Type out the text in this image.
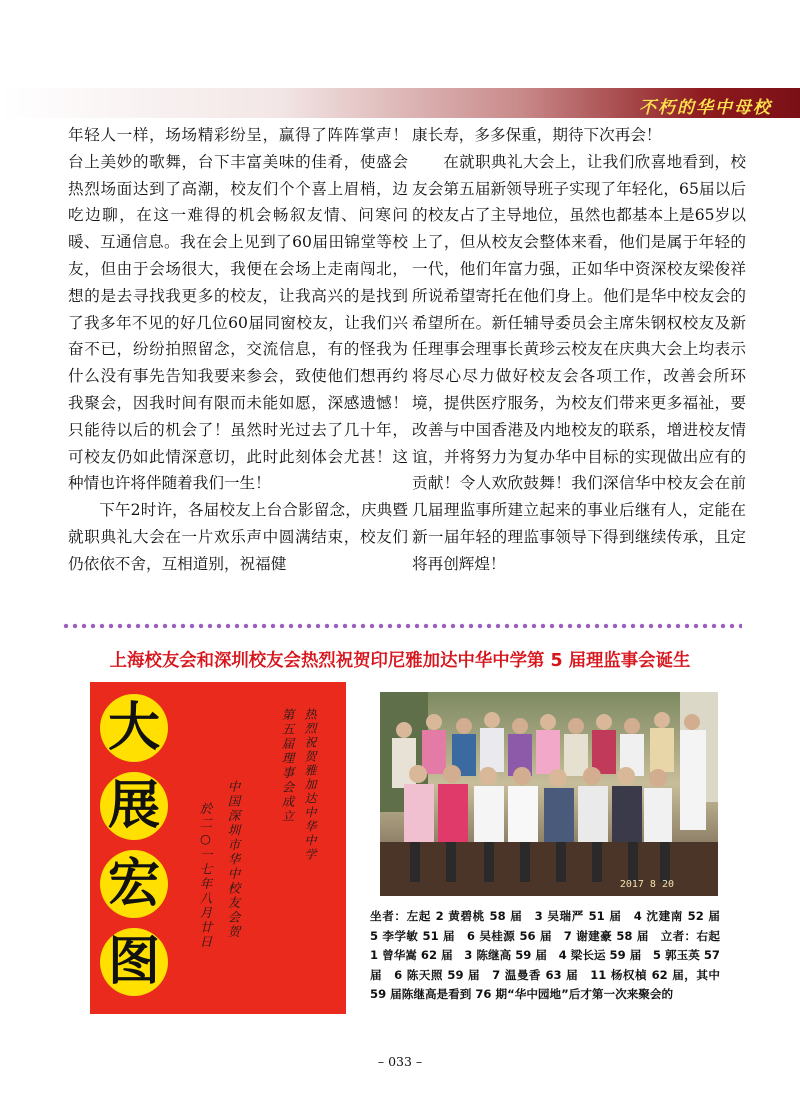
不朽的华中母校

年轻人一样，场场精彩纷呈，赢得了阵阵掌声！台上美妙的歌舞，台下丰富美味的佳肴，使盛会热烈场面达到了高潮，校友们个个喜上眉梢，边吃边聊，在这一难得的机会畅叙友情、问寒问暖、互通信息。我在会上见到了60届田锦堂等校友，但由于会场很大，我便在会场上走南闯北，想的是去寻找我更多的校友，让我高兴的是找到了我多年不见的好几位60届同窗校友，让我们兴奋不已，纷纷拍照留念，交流信息，有的怪我为什么没有事先告知我要来参会，致使他们想再约我聚会，因我时间有限而未能如愿，深感遗憾！只能待以后的机会了！虽然时光过去了几十年，可校友仍如此情深意切，此时此刻体会尤甚！这种情也许将伴随着我们一生！

下午2时许，各届校友上台合影留念，庆典暨就职典礼大会在一片欢乐声中圆满结束，校友们仍依依不舍，互相道别，祝福健

康长寿，多多保重，期待下次再会！

在就职典礼大会上，让我们欣喜地看到，校友会第五届新领导班子实现了年轻化，65届以后的校友占了主导地位，虽然也都基本上是65岁以上了，但从校友会整体来看，他们是属于年轻的一代，他们年富力强，正如华中资深校友梁俊祥所说希望寄托在他们身上。他们是华中校友会的希望所在。新任辅导委员会主席朱钢权校友及新任理事会理事长黄珍云校友在庆典大会上均表示将尽心尽力做好校友会各项工作，改善会所环境，提供医疗服务，为校友们带来更多福祉，要改善与中国香港及内地校友的联系，增进校友情谊，并将努力为复办华中目标的实现做出应有的贡献！令人欢欣鼓舞！我们深信华中校友会在前几届理监事所建立起来的事业后继有人，定能在新一届年轻的理监事领导下得到继续传承，且定将再创辉煌！

上海校友会和深圳校友会热烈祝贺印尼雅加达中华中学第 5 届理监事会诞生
大
展
宏
图
热烈祝贺雅加达中华中学
第五届理事会成立
中国深圳市华中校友会贺
於二○一七年八月廿日	2017 8 20
坐者：左起 2 黄碧桃 58 届　3 吴瑞严 51 届　4 沈建南 52 届　5 李学敏 51 届　6 吴桂源 56 届　7 谢建豪 58 届　立者：右起 1 曾华嵩 62 届　3 陈继高 59 届　4 梁长运 59 届　5 郭玉英 57 届　6 陈天照 59 届　7 温曼香 63 届　11 杨权楨 62 届，其中 59 届陈继高是看到 76 期“华中园地”后才第一次来聚会的
– 033 –
